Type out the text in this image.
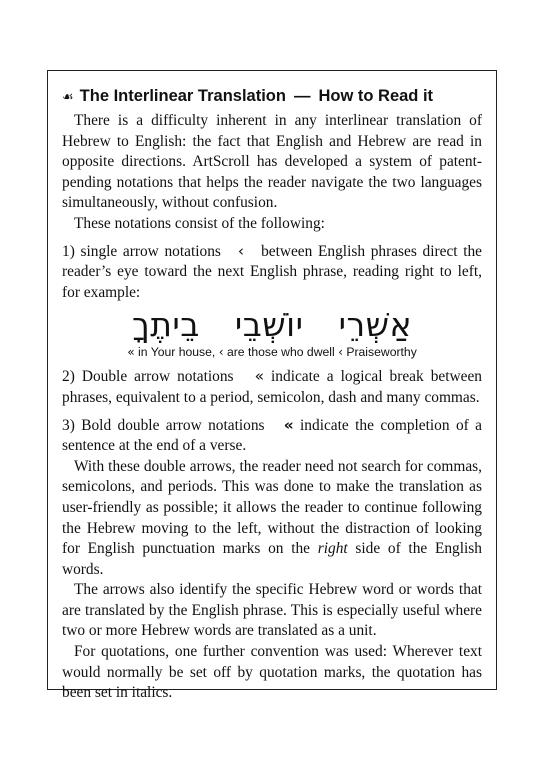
☙ The Interlinear Translation — How to Read it

There is a difficulty inherent in any interlinear translation of Hebrew to English: the fact that English and Hebrew are read in opposite directions. ArtScroll has developed a system of patent-pending notations that helps the reader navigate the two languages simultaneously, without confusion.

These notations consist of the following:

1) single arrow notations ‹ between English phrases direct the reader’s eye toward the next English phrase, reading right to left, for example:

אַשְׁרֵי יוֹשְׁבֵי בֵיתֶךָ
« in Your house, ‹ are those who dwell ‹ Praiseworthy

2) Double arrow notations « indicate a logical break between phrases, equivalent to a period, semicolon, dash and many commas.

3) Bold double arrow notations « indicate the completion of a sentence at the end of a verse.

With these double arrows, the reader need not search for commas, semicolons, and periods. This was done to make the translation as user-friendly as possible; it allows the reader to continue following the Hebrew moving to the left, without the distraction of looking for English punctuation marks on the right side of the English words.

The arrows also identify the specific Hebrew word or words that are translated by the English phrase. This is especially useful where two or more Hebrew words are translated as a unit.

For quotations, one further convention was used: Wherever text would normally be set off by quotation marks, the quotation has been set in italics.
